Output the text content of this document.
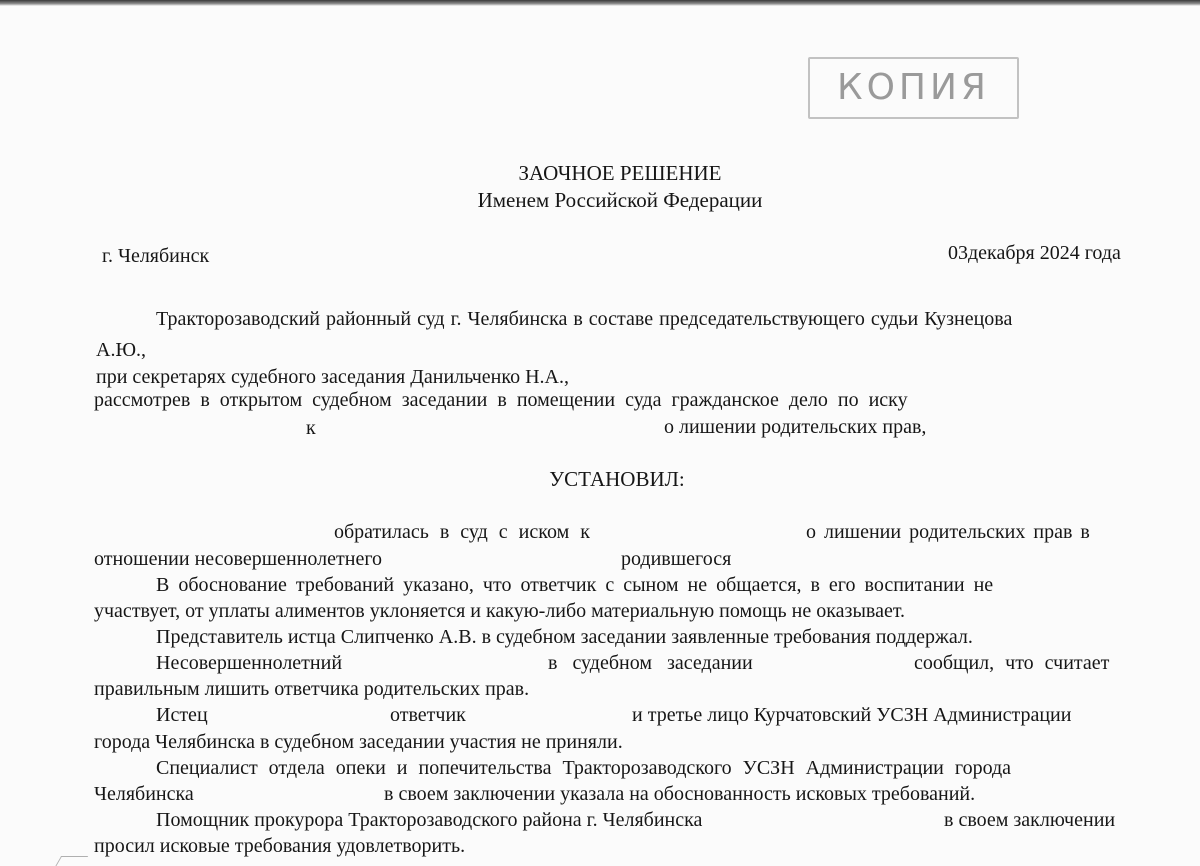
КОПИЯ
ЗАОЧНОЕ РЕШЕНИЕ
Именем Российской Федерации
г. Челябинск	03декабря 2024 года
Тракторозаводский районный суд г. Челябинска в составе председательствующего судьи Кузнецова
А.Ю.,
при секретарях судебного заседания Данильченко Н.А.,
рассмотрев в открытом судебном заседании в помещении суда гражданское дело по иску
к	о лишении родительских прав,
УСТАНОВИЛ:
обратилась в суд с иском к	о лишении родительских прав в
отношении несовершеннолетнего	родившегося
В обоснование требований указано, что ответчик с сыном не общается, в его воспитании не
участвует, от уплаты алиментов уклоняется и какую-либо материальную помощь не оказывает.
Представитель истца Слипченко А.В. в судебном заседании заявленные требования поддержал.
Несовершеннолетний	в судебном заседании	сообщил, что считает
правильным лишить ответчика родительских прав.
Истец	ответчик	и третье лицо Курчатовский УСЗН Администрации
города Челябинска в судебном заседании участия не приняли.
Специалист отдела опеки и попечительства Тракторозаводского УСЗН Администрации города
Челябинска	в своем заключении указала на обоснованность исковых требований.
Помощник прокурора Тракторозаводского района г. Челябинска	в своем заключении
просил исковые требования удовлетворить.
